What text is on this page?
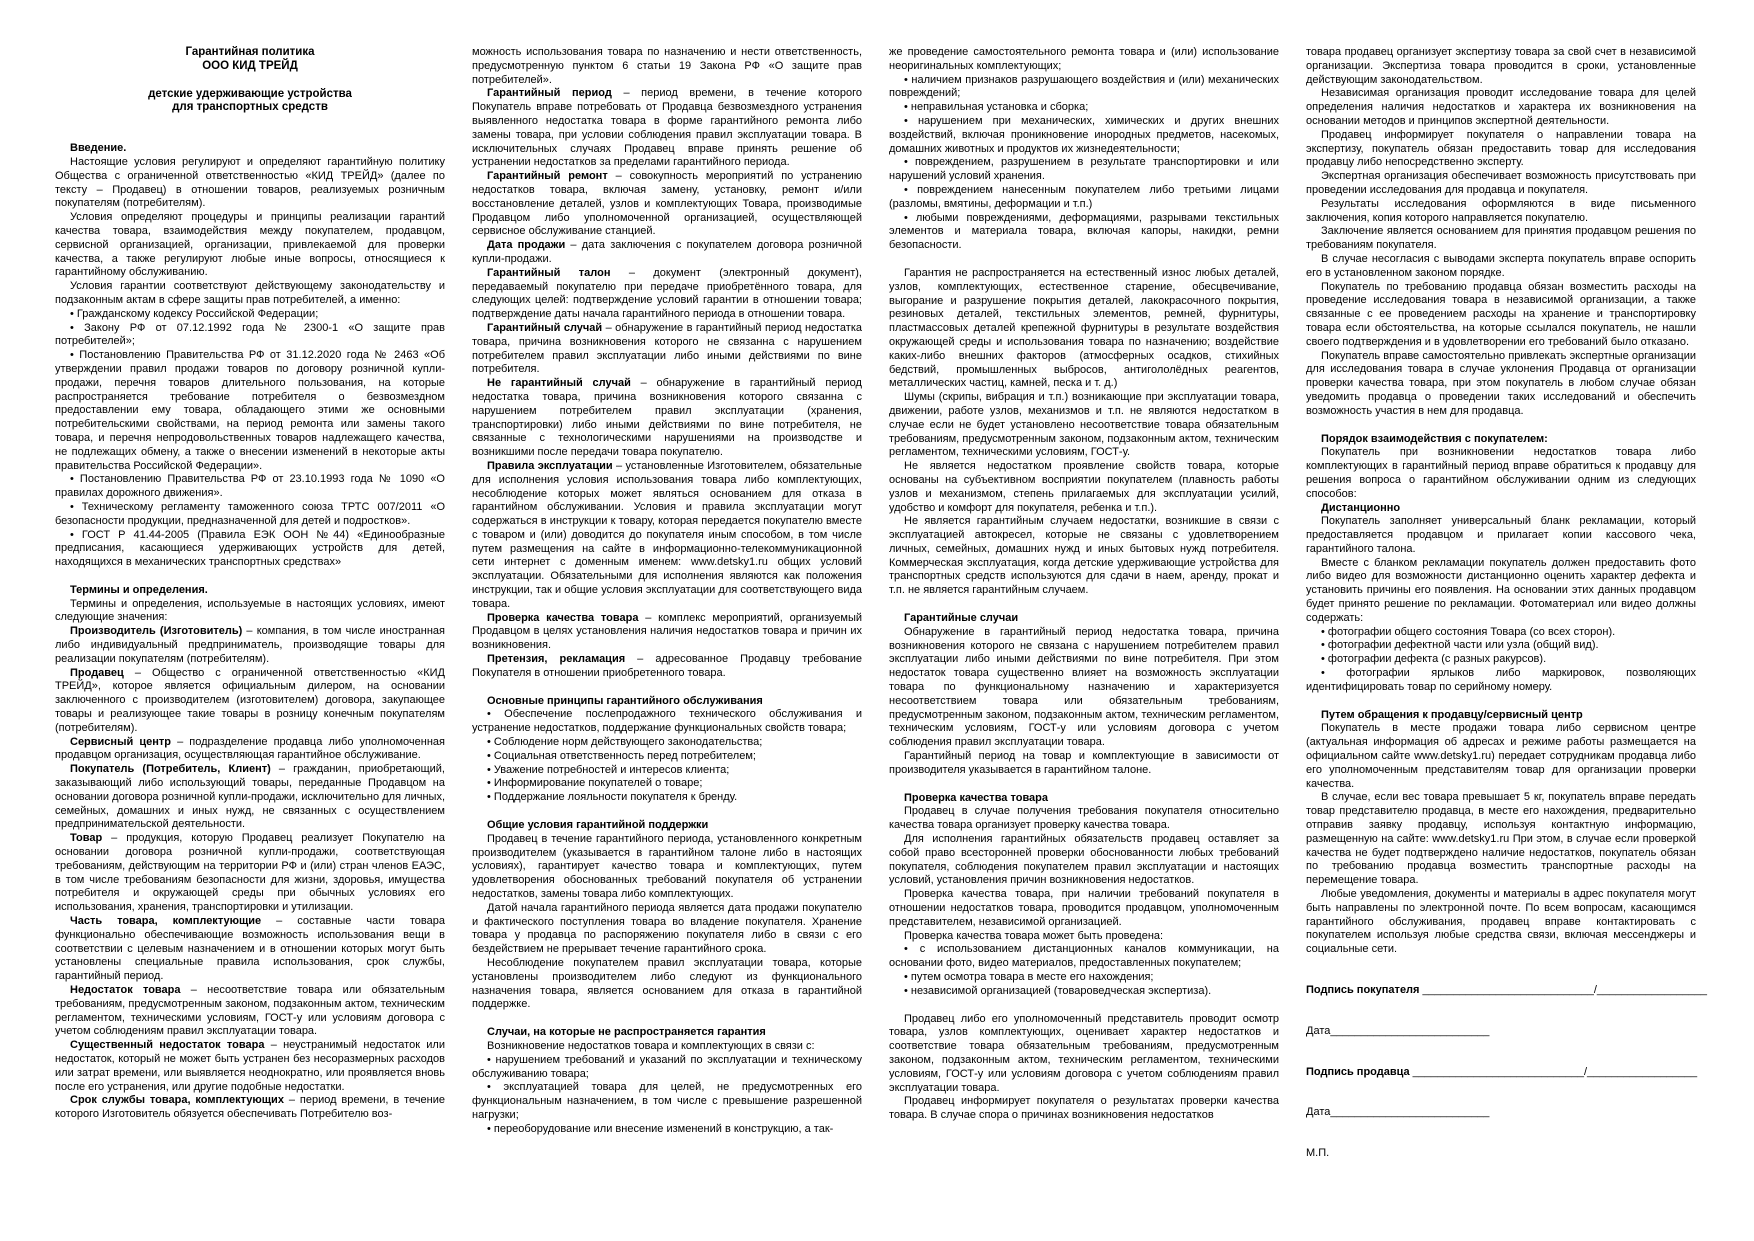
Гарантийная политика
ООО КИД ТРЕЙД
детские удерживающие устройства
для транспортных средств
Введение.
Настоящие условия регулируют и определяют гарантийную политику Общества с ограниченной ответственностью «КИД ТРЕЙД» (далее по тексту – Продавец) в отношении товаров, реализуемых розничным покупателям (потребителям).
Условия определяют процедуры и принципы реализации гарантий качества товара, взаимодействия между покупателем, продавцом, сервисной организацией, организации, привлекаемой для проверки качества, а также регулируют любые иные вопросы, относящиеся к гарантийному обслуживанию.
Условия гарантии соответствуют действующему законодательству и подзаконным актам в сфере защиты прав потребителей, а именно:
• Гражданскому кодексу Российской Федерации;
• Закону РФ от 07.12.1992 года № 2300-1 «О защите прав потребителей»;
• Постановлению Правительства РФ от 31.12.2020 года № 2463 «Об утверждении правил продажи товаров по договору розничной купли-продажи, перечня товаров длительного пользования, на которые распространяется требование потребителя о безвозмездном предоставлении ему товара, обладающего этими же основными потребительскими свойствами, на период ремонта или замены такого товара, и перечня непродовольственных товаров надлежащего качества, не подлежащих обмену, а также о внесении изменений в некоторые акты правительства Российской Федерации».
• Постановлению Правительства РФ от 23.10.1993 года № 1090 «О правилах дорожного движения».
• Техническому регламенту таможенного союза ТРТС 007/2011 «О безопасности продукции, предназначенной для детей и подростков».
• ГОСТ Р 41.44-2005 (Правила ЕЭК ООН №44) «Единообразные предписания, касающиеся удерживающих устройств для детей, находящихся в механических транспортных средствах»
Термины и определения.
Термины и определения, используемые в настоящих условиях, имеют следующие значения:
Производитель (Изготовитель) – компания, в том числе иностранная либо индивидуальный предприниматель, производящие товары для реализации покупателям (потребителям).
Продавец – Общество с ограниченной ответственностью «КИД ТРЕЙД», которое является официальным дилером, на основании заключенного с производителем (изготовителем) договора, закупающее товары и реализующее такие товары в розницу конечным покупателям (потребителям).
Сервисный центр – подразделение продавца либо уполномоченная продавцом организация, осуществляющая гарантийное обслуживание.
Покупатель (Потребитель, Клиент) – гражданин, приобретающий, заказывающий либо использующий товары, переданные Продавцом на основании договора розничной купли-продажи, исключительно для личных, семейных, домашних и иных нужд, не связанных с осуществлением предпринимательской деятельности.
Товар – продукция, которую Продавец реализует Покупателю на основании договора розничной купли-продажи, соответствующая требованиям, действующим на территории РФ и (или) стран членов ЕАЭС, в том числе требованиям безопасности для жизни, здоровья, имущества потребителя и окружающей среды при обычных условиях его использования, хранения, транспортировки и утилизации.
Часть товара, комплектующие – составные части товара функционально обеспечивающие возможность использования вещи в соответствии с целевым назначением и в отношении которых могут быть установлены специальные правила использования, срок службы, гарантийный период.
Недостаток товара – несоответствие товара или обязательным требованиям, предусмотренным законом, подзаконным актом, техническим регламентом, техническими условиям, ГОСТ-у или условиям договора с учетом соблюдениям правил эксплуатации товара.
Существенный недостаток товара – неустранимый недостаток или недостаток, который не может быть устранен без несоразмерных расходов или затрат времени, или выявляется неоднократно, или проявляется вновь после его устранения, или другие подобные недостатки.
Срок службы товара, комплектующих – период времени, в течение которого Изготовитель обязуется обеспечивать Потребителю воз-
можность использования товара по назначению и нести ответственность, предусмотренную пунктом 6 статьи 19 Закона РФ «О защите прав потребителей».
Гарантийный период – период времени, в течение которого Покупатель вправе потребовать от Продавца безвозмездного устранения выявленного недостатка товара в форме гарантийного ремонта либо замены товара, при условии соблюдения правил эксплуатации товара. В исключительных случаях Продавец вправе принять решение об устранении недостатков за пределами гарантийного периода.
Гарантийный ремонт – совокупность мероприятий по устранению недостатков товара, включая замену, установку, ремонт и/или восстановление деталей, узлов и комплектующих Товара, производимые Продавцом либо уполномоченной организацией, осуществляющей сервисное обслуживание станцией.
Дата продажи – дата заключения с покупателем договора розничной купли-продажи.
Гарантийный талон – документ (электронный документ), передаваемый покупателю при передаче приобретённого товара, для следующих целей: подтверждение условий гарантии в отношении товара; подтверждение даты начала гарантийного периода в отношении товара.
Гарантийный случай – обнаружение в гарантийный период недостатка товара, причина возникновения которого не связанна с нарушением потребителем правил эксплуатации либо иными действиями по вине потребителя.
Не гарантийный случай – обнаружение в гарантийный период недостатка товара, причина возникновения которого связанна с нарушением потребителем правил эксплуатации (хранения, транспортировки) либо иными действиями по вине потребителя, не связанные с технологическими нарушениями на производстве и возникшими после передачи товара покупателю.
Правила эксплуатации – установленные Изготовителем, обязательные для исполнения условия использования товара либо комплектующих, несоблюдение которых может являться основанием для отказа в гарантийном обслуживании. Условия и правила эксплуатации могут содержаться в инструкции к товару, которая передается покупателю вместе с товаром и (или) доводится до покупателя иным способом, в том числе путем размещения на сайте в информационно-телекоммуникационной сети интернет с доменным именем: www.detsky1.ru общих условий эксплуатации. Обязательными для исполнения являются как положения инструкции, так и общие условия эксплуатации для соответствующего вида товара.
Проверка качества товара – комплекс мероприятий, организуемый Продавцом в целях установления наличия недостатков товара и причин их возникновения.
Претензия, рекламация – адресованное Продавцу требование Покупателя в отношении приобретенного товара.
Основные принципы гарантийного обслуживания
• Обеспечение послепродажного технического обслуживания и устранение недостатков, поддержание функциональных свойств товара;
• Соблюдение норм действующего законодательства;
• Социальная ответственность перед потребителем;
• Уважение потребностей и интересов клиента;
• Информирование покупателей о товаре;
• Поддержание лояльности покупателя к бренду.
Общие условия гарантийной поддержки
Продавец в течение гарантийного периода, установленного конкретным производителем (указывается в гарантийном талоне либо в настоящих условиях), гарантирует качество товара и комплектующих, путем удовлетворения обоснованных требований покупателя об устранении недостатков, замены товара либо комплектующих.
Датой начала гарантийного периода является дата продажи покупателю и фактического поступления товара во владение покупателя. Хранение товара у продавца по распоряжению покупателя либо в связи с его бездействием не прерывает течение гарантийного срока.
Несоблюдение покупателем правил эксплуатации товара, которые установлены производителем либо следуют из функционального назначения товара, является основанием для отказа в гарантийной поддержке.
Случаи, на которые не распространяется гарантия
Возникновение недостатков товара и комплектующих в связи с:
• нарушением требований и указаний по эксплуатации и техническому обслуживанию товара;
• эксплуатацией товара для целей, не предусмотренных его функциональным назначением, в том числе с превышение разрешенной нагрузки;
• переоборудование или внесение изменений в конструкцию, а так-
же проведение самостоятельного ремонта товара и (или) использование неоригинальных комплектующих;
• наличием признаков разрушающего воздействия и (или) механических повреждений;
• неправильная установка и сборка;
• нарушением при механических, химических и других внешних воздействий, включая проникновение инородных предметов, насекомых, домашних животных и продуктов их жизнедеятельности;
• повреждением, разрушением в результате транспортировки и или нарушений условий хранения.
• повреждением нанесенным покупателем либо третьими лицами (разломы, вмятины, деформации и т.п.)
• любыми повреждениями, деформациями, разрывами текстильных элементов и материала товара, включая капоры, накидки, ремни безопасности.
Гарантия не распространяется на естественный износ любых деталей, узлов, комплектующих, естественное старение, обесцвечивание, выгорание и разрушение покрытия деталей, лакокрасочного покрытия, резиновых деталей, текстильных элементов, ремней, фурнитуры, пластмассовых деталей крепежной фурнитуры в результате воздействия окружающей среды и использования товара по назначению; воздействие каких-либо внешних факторов (атмосферных осадков, стихийных бедствий, промышленных выбросов, антигололёдных реагентов, металлических частиц, камней, песка и т. д.)
Шумы (скрипы, вибрация и т.п.) возникающие при эксплуатации товара, движении, работе узлов, механизмов и т.п. не являются недостатком в случае если не будет установлено несоответствие товара обязательным требованиям, предусмотренным законом, подзаконным актом, техническим регламентом, техническими условиям, ГОСТ-у.
Не является недостатком проявление свойств товара, которые основаны на субъективном восприятии покупателем (плавность работы узлов и механизмом, степень прилагаемых для эксплуатации усилий, удобство и комфорт для покупателя, ребенка и т.п.).
Не является гарантийным случаем недостатки, возникшие в связи с эксплуатацией автокресел, которые не связаны с удовлетворением личных, семейных, домашних нужд и иных бытовых нужд потребителя. Коммерческая эксплуатация, когда детские удерживающие устройства для транспортных средств используются для сдачи в наем, аренду, прокат и т.п. не является гарантийным случаем.
Гарантийные случаи
Обнаружение в гарантийный период недостатка товара, причина возникновения которого не связана с нарушением потребителем правил эксплуатации либо иными действиями по вине потребителя. При этом недостаток товара существенно влияет на возможность эксплуатации товара по функциональному назначению и характеризуется несоответствием товара или обязательным требованиям, предусмотренным законом, подзаконным актом, техническим регламентом, техническим условиям, ГОСТ-у или условиям договора с учетом соблюдения правил эксплуатации товара.
Гарантийный период на товар и комплектующие в зависимости от производителя указывается в гарантийном талоне.
Проверка качества товара
Продавец в случае получения требования покупателя относительно качества товара организует проверку качества товара.
Для исполнения гарантийных обязательств продавец оставляет за собой право всесторонней проверки обоснованности любых требований покупателя, соблюдения покупателем правил эксплуатации и настоящих условий, установления причин возникновения недостатков.
Проверка качества товара, при наличии требований покупателя в отношении недостатков товара, проводится продавцом, уполномоченным представителем, независимой организацией.
Проверка качества товара может быть проведена:
• с использованием дистанционных каналов коммуникации, на основании фото, видео материалов, предоставленных покупателем;
• путем осмотра товара в месте его нахождения;
• независимой организацией (товароведческая экспертиза).
Продавец либо его уполномоченный представитель проводит осмотр товара, узлов комплектующих, оценивает характер недостатков и соответствие товара обязательным требованиям, предусмотренным законом, подзаконным актом, техническим регламентом, техническими условиям, ГОСТ-у или условиям договора с учетом соблюдениям правил эксплуатации товара.
Продавец информирует покупателя о результатах проверки качества товара. В случае спора о причинах возникновения недостатков
товара продавец организует экспертизу товара за свой счет в независимой организации. Экспертиза товара проводится в сроки, установленные действующим законодательством.
Независимая организация проводит исследование товара для целей определения наличия недостатков и характера их возникновения на основании методов и принципов экспертной деятельности.
Продавец информирует покупателя о направлении товара на экспертизу, покупатель обязан предоставить товар для исследования продавцу либо непосредственно эксперту.
Экспертная организация обеспечивает возможность присутствовать при проведении исследования для продавца и покупателя.
Результаты исследования оформляются в виде письменного заключения, копия которого направляется покупателю.
Заключение является основанием для принятия продавцом решения по требованиям покупателя.
В случае несогласия с выводами эксперта покупатель вправе оспорить его в установленном законом порядке.
Покупатель по требованию продавца обязан возместить расходы на проведение исследования товара в независимой организации, а также связанные с ее проведением расходы на хранение и транспортировку товара если обстоятельства, на которые ссылался покупатель, не нашли своего подтверждения и в удовлетворении его требований было отказано.
Покупатель вправе самостоятельно привлекать экспертные организации для исследования товара в случае уклонения Продавца от организации проверки качества товара, при этом покупатель в любом случае обязан уведомить продавца о проведении таких исследований и обеспечить возможность участия в нем для продавца.
Порядок взаимодействия с покупателем:
Покупатель при возникновении недостатков товара либо комплектующих в гарантийный период вправе обратиться к продавцу для решения вопроса о гарантийном обслуживании одним из следующих способов:
Дистанционно
Покупатель заполняет универсальный бланк рекламации, который предоставляется продавцом и прилагает копии кассового чека, гарантийного талона.
Вместе с бланком рекламации покупатель должен предоставить фото либо видео для возможности дистанционно оценить характер дефекта и установить причины его появления. На основании этих данных продавцом будет принято решение по рекламации. Фотоматериал или видео должны содержать:
• фотографии общего состояния Товара (со всех сторон).
• фотографии дефектной части или узла (общий вид).
• фотографии дефекта (с разных ракурсов).
• фотографии ярлыков либо маркировок, позволяющих идентифицировать товар по серийному номеру.
Путем обращения к продавцу/сервисный центр
Покупатель в месте продажи товара либо сервисном центре (актуальная информация об адресах и режиме работы размещается на официальном сайте www.detsky1.ru) передает сотрудникам продавца либо его уполномоченным представителям товар для организации проверки качества.
В случае, если вес товара превышает 5 кг, покупатель вправе передать товар представителю продавца, в месте его нахождения, предварительно отправив заявку продавцу, используя контактную информацию, размещенную на сайте: www.detsky1.ru При этом, в случае если проверкой качества не будет подтверждено наличие недостатков, покупатель обязан по требованию продавца возместить транспортные расходы на перемещение товара.
Любые уведомления, документы и материалы в адрес покупателя могут быть направлены по электронной почте. По всем вопросам, касающимся гарантийного обслуживания, продавец вправе контактировать с покупателем используя любые средства связи, включая мессенджеры и социальные сети.
Подпись покупателя ____________________________/__________________
Дата__________________________
Подпись продавца ____________________________/__________________
Дата__________________________
М.П.
